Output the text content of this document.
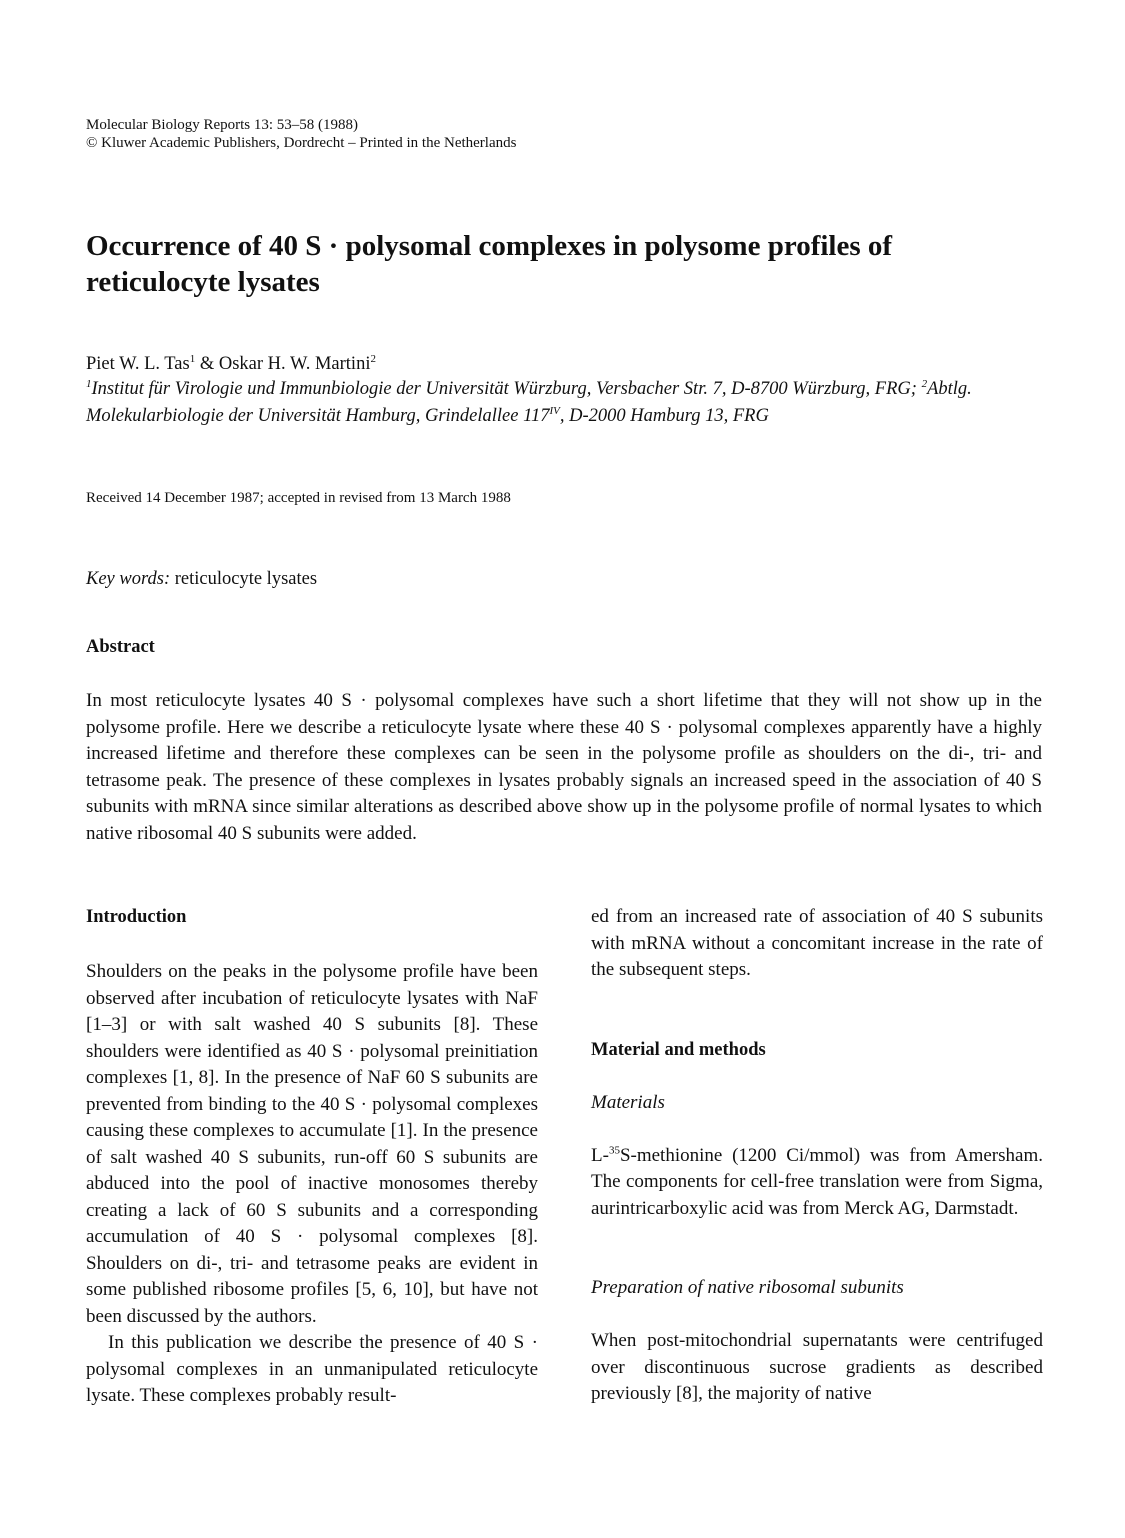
Molecular Biology Reports 13: 53–58 (1988)
© Kluwer Academic Publishers, Dordrecht – Printed in the Netherlands
Occurrence of 40 S · polysomal complexes in polysome profiles of reticulocyte lysates
Piet W. L. Tas$^1$ & Oskar H. W. Martini$^2$
$^1$Institut für Virologie und Immunbiologie der Universität Würzburg, Versbacher Str. 7, D-8700 Würzburg, FRG; $^2$Abtlg. Molekularbiologie der Universität Hamburg, Grindelallee $117^{IV}$, D-2000 Hamburg 13, FRG
Received 14 December 1987; accepted in revised from 13 March 1988
Key words: reticulocyte lysates
Abstract

In most reticulocyte lysates 40 S · polysomal complexes have such a short lifetime that they will not show up in the polysome profile. Here we describe a reticulocyte lysate where these 40 S · polysomal complexes apparently have a highly increased lifetime and therefore these complexes can be seen in the polysome profile as shoulders on the di-, tri- and tetrasome peak. The presence of these complexes in lysates probably signals an increased speed in the association of 40 S subunits with mRNA since similar alterations as described above show up in the polysome profile of normal lysates to which native ribosomal 40 S subunits were added.

Introduction

Shoulders on the peaks in the polysome profile have been observed after incubation of reticulocyte lysates with NaF [1–3] or with salt washed 40 S subunits [8]. These shoulders were identified as 40 S · polysomal preinitiation complexes [1, 8]. In the presence of NaF 60 S subunits are prevented from binding to the 40 S · polysomal complexes causing these complexes to accumulate [1]. In the presence of salt washed 40 S subunits, run-off 60 S subunits are abduced into the pool of inactive monosomes thereby creating a lack of 60 S subunits and a corresponding accumulation of 40 S · polysomal complexes [8]. Shoulders on di-, tri- and tetrasome peaks are evident in some published ribosome profiles [5, 6, 10], but have not been discussed by the authors.

In this publication we describe the presence of 40 S · polysomal complexes in an unmanipulated reticulocyte lysate. These complexes probably result-

ed from an increased rate of association of 40 S subunits with mRNA without a concomitant increase in the rate of the subsequent steps.

Material and methods
Materials

L-$^{35}$S-methionine (1200 Ci/mmol) was from Amersham. The components for cell-free translation were from Sigma, aurintricarboxylic acid was from Merck AG, Darmstadt.

Preparation of native ribosomal subunits

When post-mitochondrial supernatants were centrifuged over discontinuous sucrose gradients as described previously [8], the majority of native
